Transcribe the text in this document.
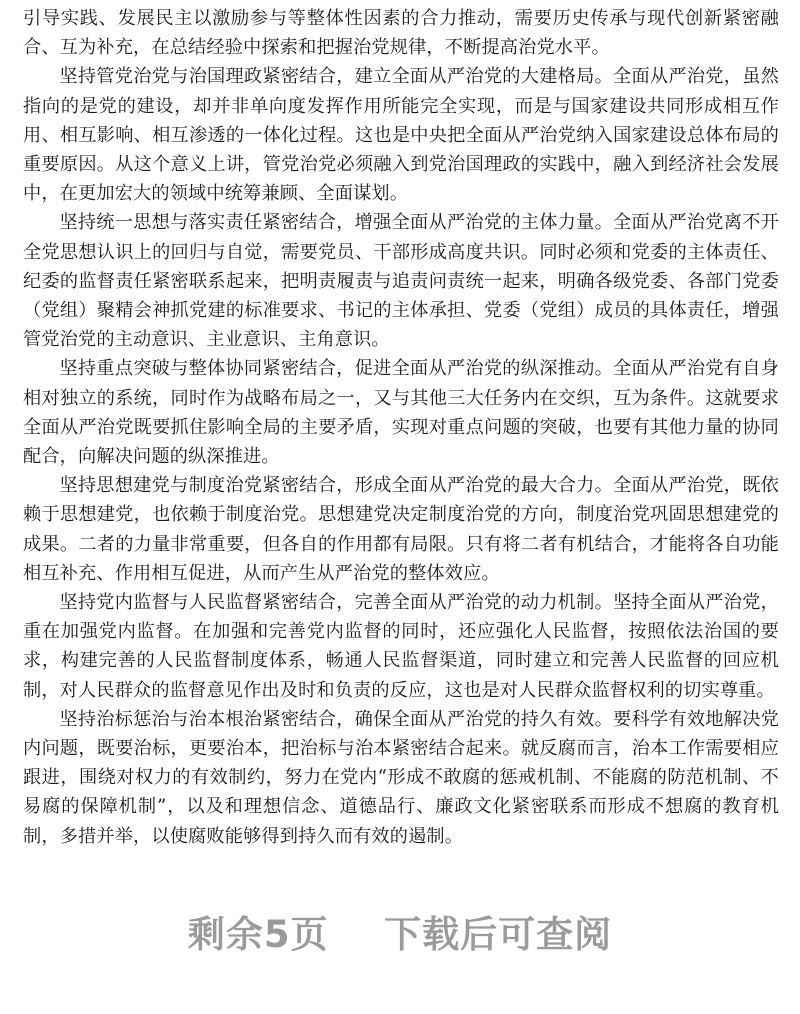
引导实践、发展民主以激励参与等整体性因素的合力推动，需要历史传承与现代创新紧密融合、互为补充，在总结经验中探索和把握治党规律，不断提高治党水平。

坚持管党治党与治国理政紧密结合，建立全面从严治党的大建格局。全面从严治党，虽然指向的是党的建设，却并非单向度发挥作用所能完全实现，而是与国家建设共同形成相互作用、相互影响、相互渗透的一体化过程。这也是中央把全面从严治党纳入国家建设总体布局的重要原因。从这个意义上讲，管党治党必须融入到党治国理政的实践中，融入到经济社会发展中，在更加宏大的领域中统筹兼顾、全面谋划。

坚持统一思想与落实责任紧密结合，增强全面从严治党的主体力量。全面从严治党离不开全党思想认识上的回归与自觉，需要党员、干部形成高度共识。同时必须和党委的主体责任、纪委的监督责任紧密联系起来，把明责履责与追责问责统一起来，明确各级党委、各部门党委（党组）聚精会神抓党建的标准要求、书记的主体承担、党委（党组）成员的具体责任，增强管党治党的主动意识、主业意识、主角意识。

坚持重点突破与整体协同紧密结合，促进全面从严治党的纵深推动。全面从严治党有自身相对独立的系统，同时作为战略布局之一，又与其他三大任务内在交织，互为条件。这就要求全面从严治党既要抓住影响全局的主要矛盾，实现对重点问题的突破，也要有其他力量的协同配合，向解决问题的纵深推进。

坚持思想建党与制度治党紧密结合，形成全面从严治党的最大合力。全面从严治党，既依赖于思想建党，也依赖于制度治党。思想建党决定制度治党的方向，制度治党巩固思想建党的成果。二者的力量非常重要，但各自的作用都有局限。只有将二者有机结合，才能将各自功能相互补充、作用相互促进，从而产生从严治党的整体效应。

坚持党内监督与人民监督紧密结合，完善全面从严治党的动力机制。坚持全面从严治党，重在加强党内监督。在加强和完善党内监督的同时，还应强化人民监督，按照依法治国的要求，构建完善的人民监督制度体系，畅通人民监督渠道，同时建立和完善人民监督的回应机制，对人民群众的监督意见作出及时和负责的反应，这也是对人民群众监督权利的切实尊重。

坚持治标惩治与治本根治紧密结合，确保全面从严治党的持久有效。要科学有效地解决党内问题，既要治标，更要治本，把治标与治本紧密结合起来。就反腐而言，治本工作需要相应跟进，围绕对权力的有效制约，努力在党内“形成不敢腐的惩戒机制、不能腐的防范机制、不易腐的保障机制”，以及和理想信念、道德品行、廉政文化紧密联系而形成不想腐的教育机制，多措并举，以使腐败能够得到持久而有效的遏制。

剩余5页    下载后可查阅
